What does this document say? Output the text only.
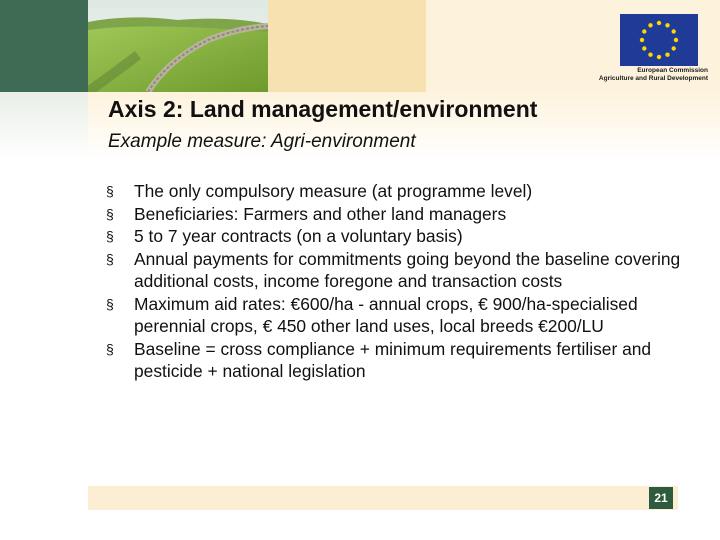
European Commission
Agriculture and Rural Development
Axis 2: Land management/environment
Example measure: Agri-environment
§	The only compulsory measure (at programme level)
§	Beneficiaries: Farmers and other land managers
§	5 to 7 year contracts (on a voluntary basis)
§	Annual payments for commitments going beyond the baseline covering additional costs, income foregone and transaction costs
§	Maximum aid rates: €600/ha - annual crops, € 900/ha-specialised perennial crops, € 450 other land uses, local breeds €200/LU
§	Baseline = cross compliance + minimum requirements fertiliser and pesticide + national legislation
21
